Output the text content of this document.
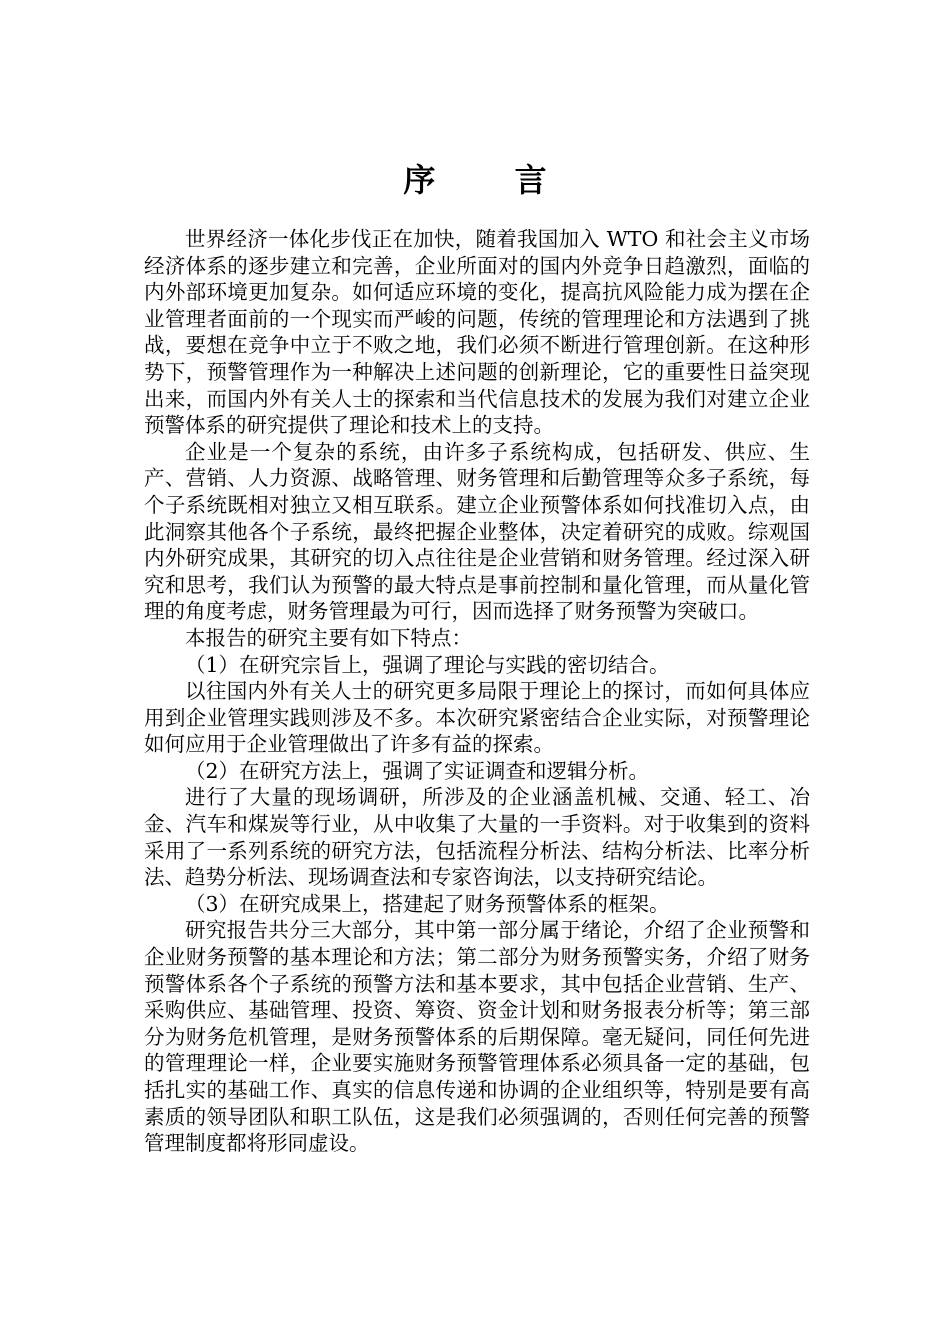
序 言

世界经济一体化步伐正在加快，随着我国加入 WTO 和社会主义市场经济体系的逐步建立和完善，企业所面对的国内外竞争日趋激烈，面临的内外部环境更加复杂。如何适应环境的变化，提高抗风险能力成为摆在企业管理者面前的一个现实而严峻的问题，传统的管理理论和方法遇到了挑战，要想在竞争中立于不败之地，我们必须不断进行管理创新。在这种形势下，预警管理作为一种解决上述问题的创新理论，它的重要性日益突现出来，而国内外有关人士的探索和当代信息技术的发展为我们对建立企业预警体系的研究提供了理论和技术上的支持。

企业是一个复杂的系统，由许多子系统构成，包括研发、供应、生产、营销、人力资源、战略管理、财务管理和后勤管理等众多子系统，每个子系统既相对独立又相互联系。建立企业预警体系如何找准切入点，由此洞察其他各个子系统，最终把握企业整体，决定着研究的成败。综观国内外研究成果，其研究的切入点往往是企业营销和财务管理。经过深入研究和思考，我们认为预警的最大特点是事前控制和量化管理，而从量化管理的角度考虑，财务管理最为可行，因而选择了财务预警为突破口。

本报告的研究主要有如下特点：

（1）在研究宗旨上，强调了理论与实践的密切结合。

以往国内外有关人士的研究更多局限于理论上的探讨，而如何具体应用到企业管理实践则涉及不多。本次研究紧密结合企业实际，对预警理论如何应用于企业管理做出了许多有益的探索。

（2）在研究方法上，强调了实证调查和逻辑分析。

进行了大量的现场调研，所涉及的企业涵盖机械、交通、轻工、冶金、汽车和煤炭等行业，从中收集了大量的一手资料。对于收集到的资料采用了一系列系统的研究方法，包括流程分析法、结构分析法、比率分析法、趋势分析法、现场调查法和专家咨询法，以支持研究结论。

（3）在研究成果上，搭建起了财务预警体系的框架。

研究报告共分三大部分，其中第一部分属于绪论，介绍了企业预警和企业财务预警的基本理论和方法；第二部分为财务预警实务，介绍了财务预警体系各个子系统的预警方法和基本要求，其中包括企业营销、生产、采购供应、基础管理、投资、筹资、资金计划和财务报表分析等；第三部分为财务危机管理，是财务预警体系的后期保障。毫无疑问，同任何先进的管理理论一样，企业要实施财务预警管理体系必须具备一定的基础，包括扎实的基础工作、真实的信息传递和协调的企业组织等，特别是要有高素质的领导团队和职工队伍，这是我们必须强调的，否则任何完善的预警管理制度都将形同虚设。
